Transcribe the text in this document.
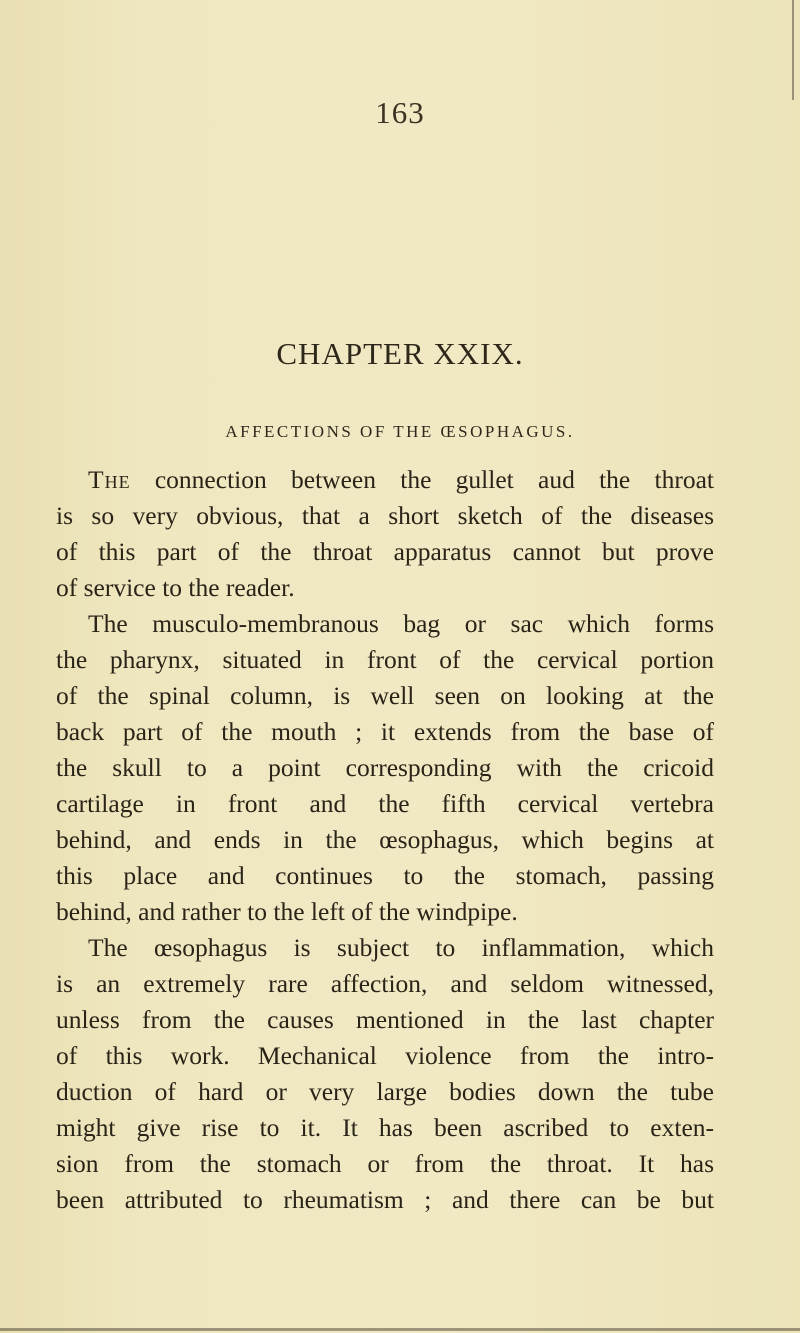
163
CHAPTER XXIX.
AFFECTIONS OF THE ŒSOPHAGUS.
The connection between the gullet aud the throat
is so very obvious, that a short sketch of the diseases
of this part of the throat apparatus cannot but prove
of service to the reader.
The musculo-membranous bag or sac which forms
the pharynx, situated in front of the cervical portion
of the spinal column, is well seen on looking at the
back part of the mouth ; it extends from the base of
the skull to a point corresponding with the cricoid
cartilage in front and the fifth cervical vertebra
behind, and ends in the œsophagus, which begins at
this place and continues to the stomach, passing
behind, and rather to the left of the windpipe.
The œsophagus is subject to inflammation, which
is an extremely rare affection, and seldom witnessed,
unless from the causes mentioned in the last chapter
of this work. Mechanical violence from the intro-
duction of hard or very large bodies down the tube
might give rise to it. It has been ascribed to exten-
sion from the stomach or from the throat. It has
been attributed to rheumatism ; and there can be but
